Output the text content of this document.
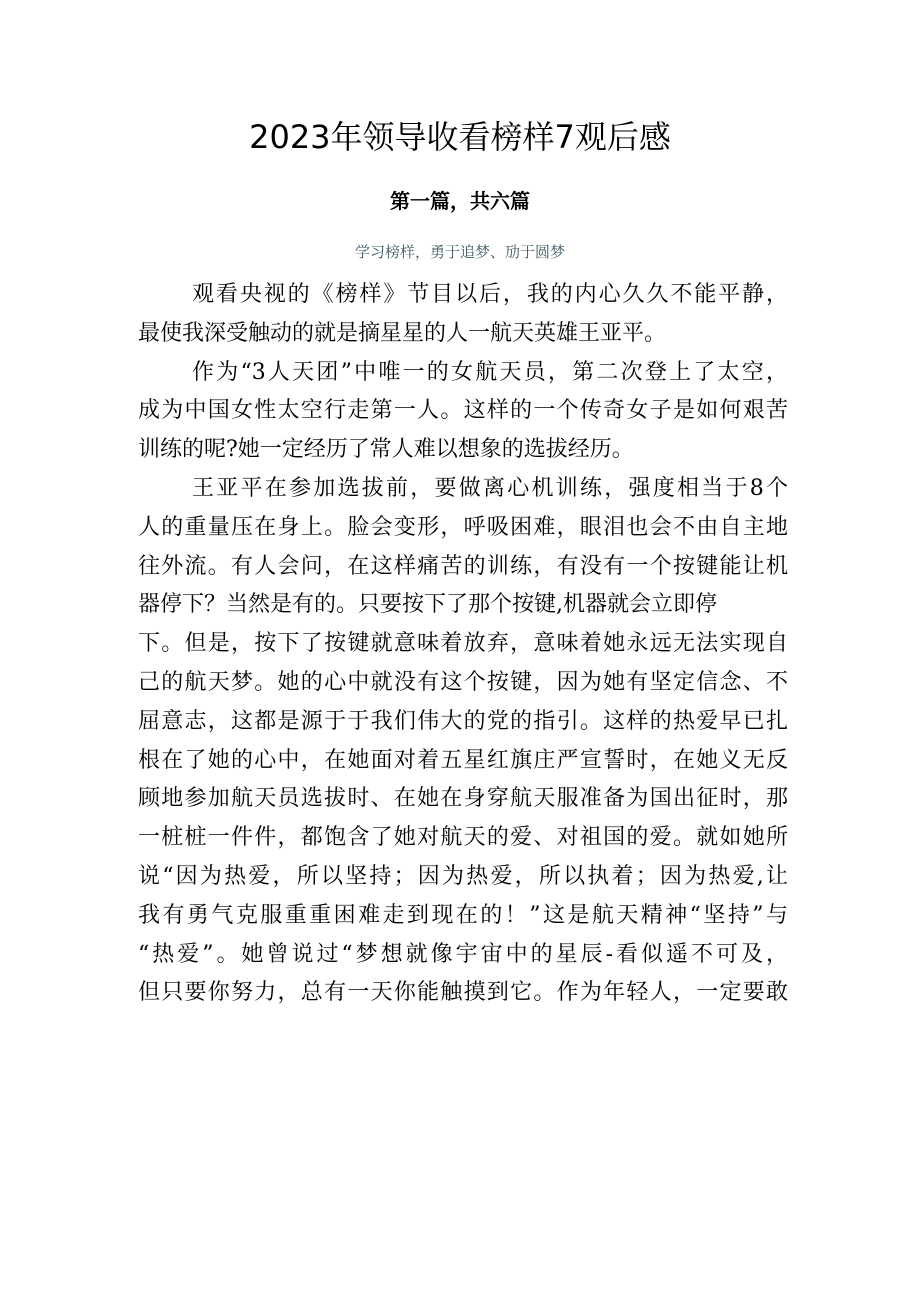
2023年领导收看榜样7观后感
第一篇，共六篇
学习榜样，勇于追梦、劢于圆梦
观看央视的《榜样》节目以后，我的内心久久不能平静，
最使我深受触动的就是摘星星的人一航天英雄王亚平。
作为“3人天团”中唯一的女航天员，第二次登上了太空，
成为中国女性太空行走第一人。这样的一个传奇女子是如何艰苦
训练的呢?她一定经历了常人难以想象的选拔经历。
王亚平在参加选拔前，要做离心机训练，强度相当于8个
人的重量压在身上。脸会变形，呼吸困难，眼泪也会不由自主地
往外流。有人会问，在这样痛苦的训练，有没有一个按键能让机
器停下？当然是有的。只要按下了那个按键,机器就会立即停
下。但是，按下了按键就意味着放弃，意味着她永远无法实现自
己的航天梦。她的心中就没有这个按键，因为她有坚定信念、不
屈意志，这都是源于于我们伟大的党的指引。这样的热爱早已扎
根在了她的心中，在她面对着五星红旗庄严宣誓时，在她义无反
顾地参加航天员选拔时、在她在身穿航天服准备为国出征时，那
一桩桩一件件，都饱含了她对航天的爱、对祖国的爱。就如她所
说“因为热爱，所以坚持；因为热爱，所以执着；因为热爱,让
我有勇气克服重重困难走到现在的！”这是航天精神“坚持”与
“热爱”。她曾说过“梦想就像宇宙中的星辰-看似遥不可及，
但只要你努力，总有一天你能触摸到它。作为年轻人，一定要敢
